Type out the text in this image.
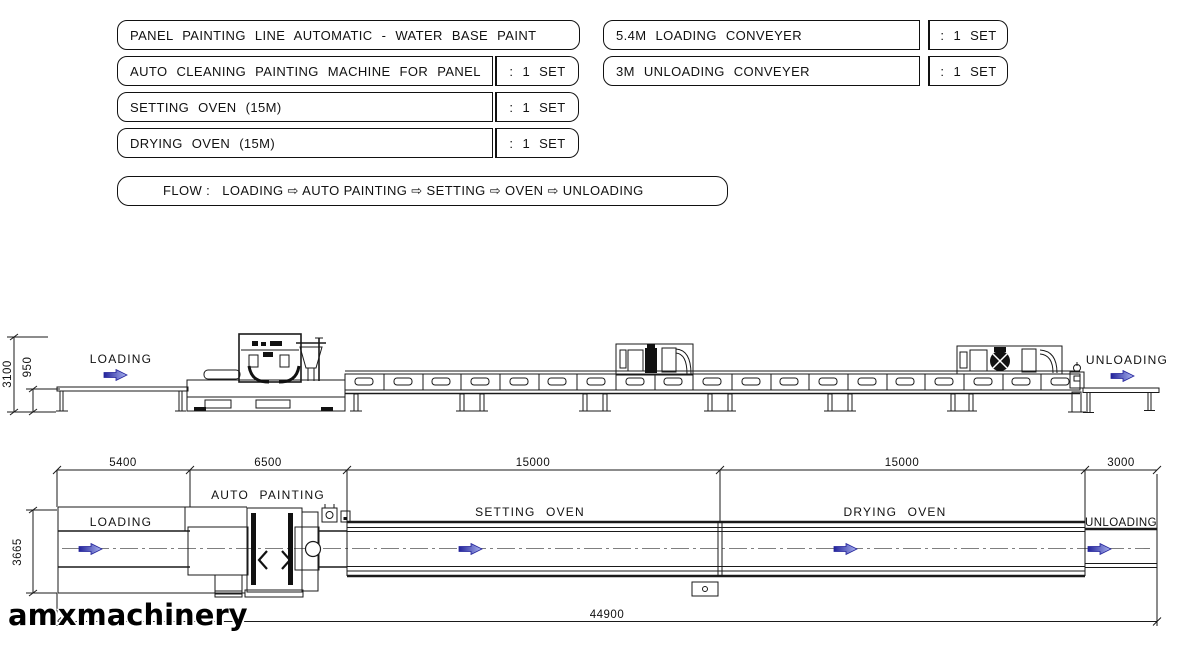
PANEL PAINTING LINE AUTOMATIC - WATER BASE PAINT
AUTO CLEANING PAINTING MACHINE FOR PANEL	: 1 SET
SETTING OVEN (15M)	: 1 SET
DRYING OVEN (15M)	: 1 SET
5.4M LOADING CONVEYER	: 1 SET
3M UNLOADING CONVEYER	: 1 SET
FLOW :   LOADING ⇨ AUTO PAINTING ⇨ SETTING ⇨ OVEN ⇨ UNLOADING
3100 950	LOADING	UNLOADING
5400	6500	15000	15000	3000
3665
LOADING
AUTO PAINTING
SETTING OVEN	DRYING OVEN
UNLOADING
44900
amxmachinery
